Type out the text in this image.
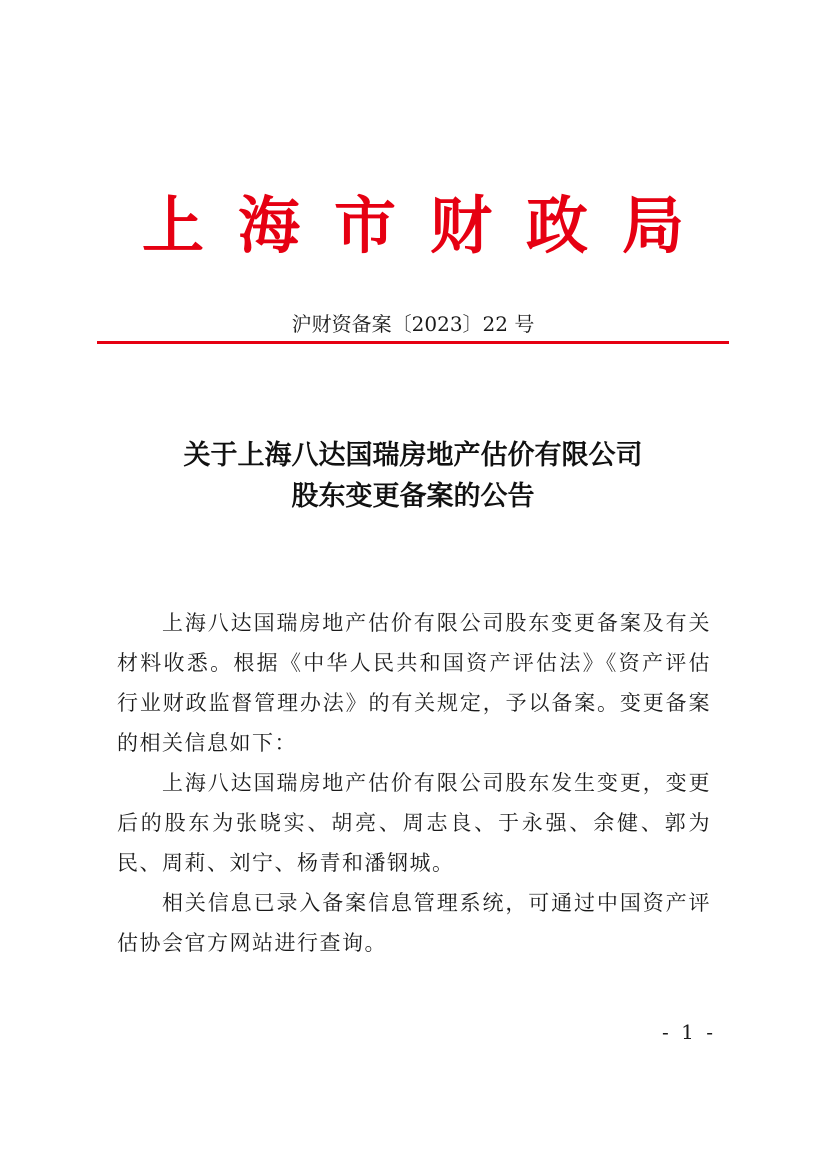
上海市财政局
沪财资备案〔2023〕22 号
关于上海八达国瑞房地产估价有限公司
股东变更备案的公告

上海八达国瑞房地产估价有限公司股东变更备案及有关材料收悉。根据《中华人民共和国资产评估法》《资产评估行业财政监督管理办法》的有关规定，予以备案。变更备案的相关信息如下：

上海八达国瑞房地产估价有限公司股东发生变更，变更后的股东为张晓实、胡亮、周志良、于永强、余健、郭为民、周莉、刘宁、杨青和潘钢城。

相关信息已录入备案信息管理系统，可通过中国资产评估协会官方网站进行查询。

- 1 -
